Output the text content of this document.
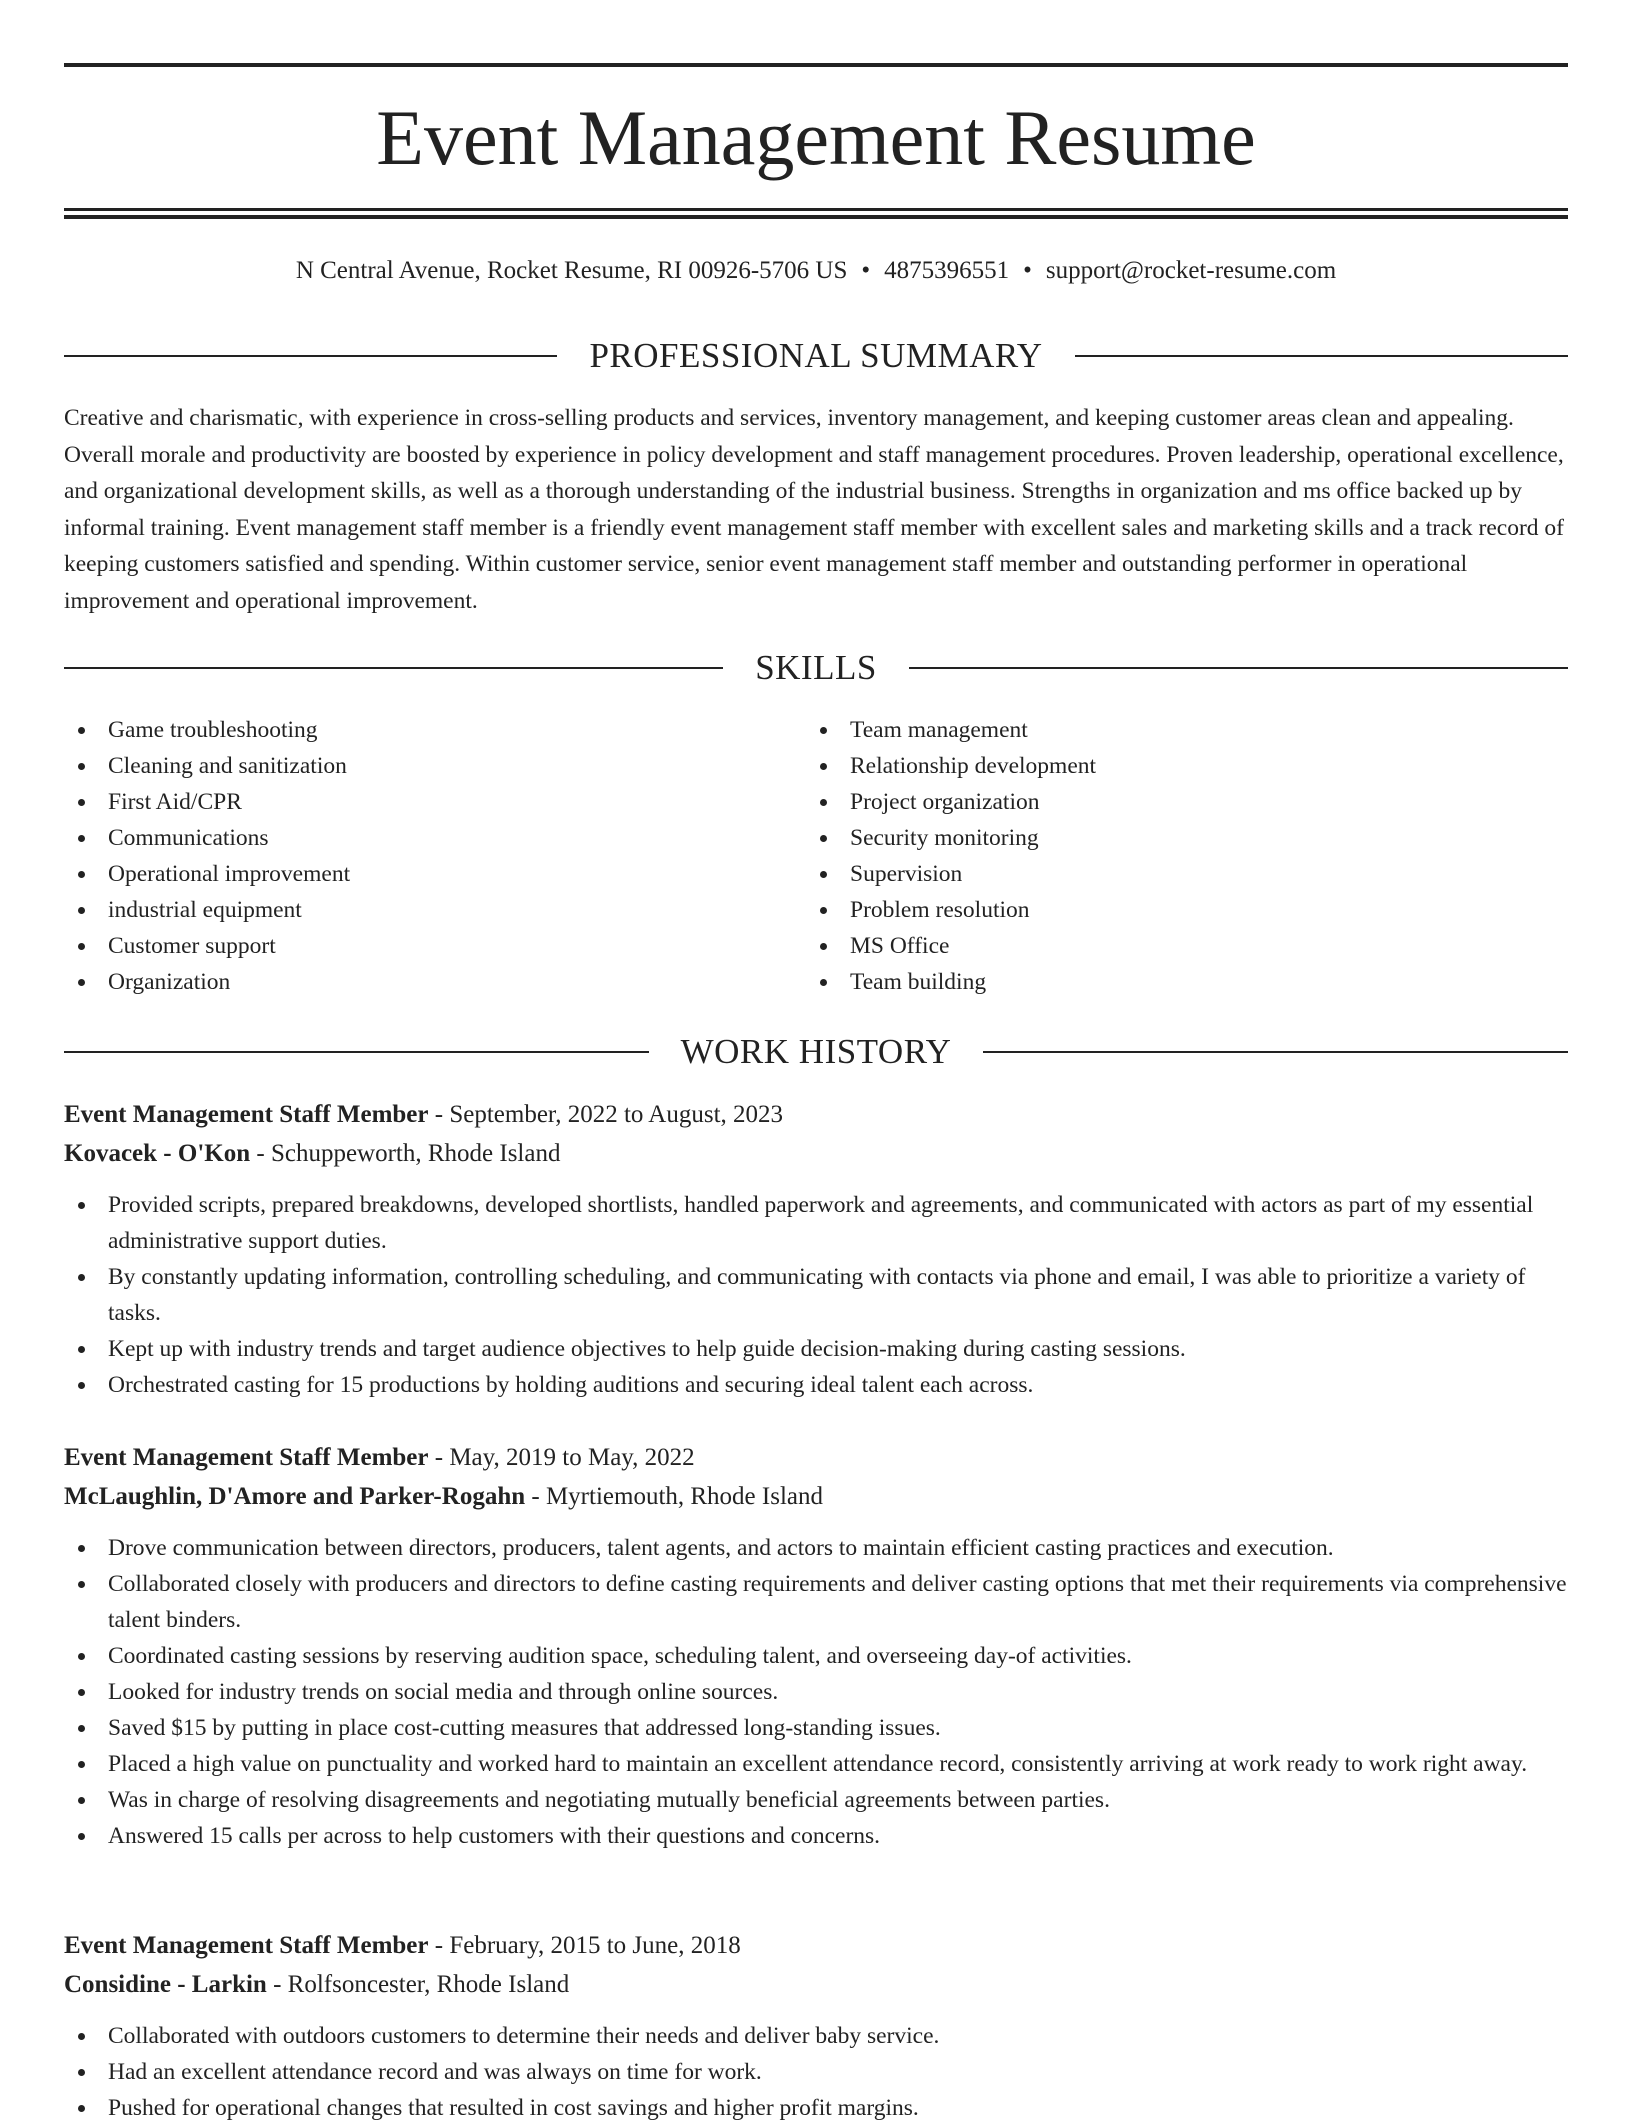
Event Management Resume
N Central Avenue, Rocket Resume, RI 00926-5706 US • 4875396551 • support@rocket-resume.com
PROFESSIONAL SUMMARY

Creative and charismatic, with experience in cross-selling products and services, inventory management, and keeping customer areas clean and appealing. Overall morale and productivity are boosted by experience in policy development and staff management procedures. Proven leadership, operational excellence, and organizational development skills, as well as a thorough understanding of the industrial business. Strengths in organization and ms office backed up by informal training. Event management staff member is a friendly event management staff member with excellent sales and marketing skills and a track record of keeping customers satisfied and spending. Within customer service, senior event management staff member and outstanding performer in operational improvement and operational improvement.

SKILLS
Game troubleshooting
Cleaning and sanitization
First Aid/CPR
Communications
Operational improvement
industrial equipment
Customer support
Organization
Team management
Relationship development
Project organization
Security monitoring
Supervision
Problem resolution
MS Office
Team building
WORK HISTORY
Event Management Staff Member - September, 2022 to August, 2023
Kovacek - O'Kon - Schuppeworth, Rhode Island
Provided scripts, prepared breakdowns, developed shortlists, handled paperwork and agreements, and communicated with actors as part of my essential administrative support duties.
By constantly updating information, controlling scheduling, and communicating with contacts via phone and email, I was able to prioritize a variety of tasks.
Kept up with industry trends and target audience objectives to help guide decision-making during casting sessions.
Orchestrated casting for 15 productions by holding auditions and securing ideal talent each across.
Event Management Staff Member - May, 2019 to May, 2022
McLaughlin, D'Amore and Parker-Rogahn - Myrtiemouth, Rhode Island
Drove communication between directors, producers, talent agents, and actors to maintain efficient casting practices and execution.
Collaborated closely with producers and directors to define casting requirements and deliver casting options that met their requirements via comprehensive talent binders.
Coordinated casting sessions by reserving audition space, scheduling talent, and overseeing day-of activities.
Looked for industry trends on social media and through online sources.
Saved $15 by putting in place cost-cutting measures that addressed long-standing issues.
Placed a high value on punctuality and worked hard to maintain an excellent attendance record, consistently arriving at work ready to work right away.
Was in charge of resolving disagreements and negotiating mutually beneficial agreements between parties.
Answered 15 calls per across to help customers with their questions and concerns.
Event Management Staff Member - February, 2015 to June, 2018
Considine - Larkin - Rolfsoncester, Rhode Island
Collaborated with outdoors customers to determine their needs and deliver baby service.
Had an excellent attendance record and was always on time for work.
Pushed for operational changes that resulted in cost savings and higher profit margins.
